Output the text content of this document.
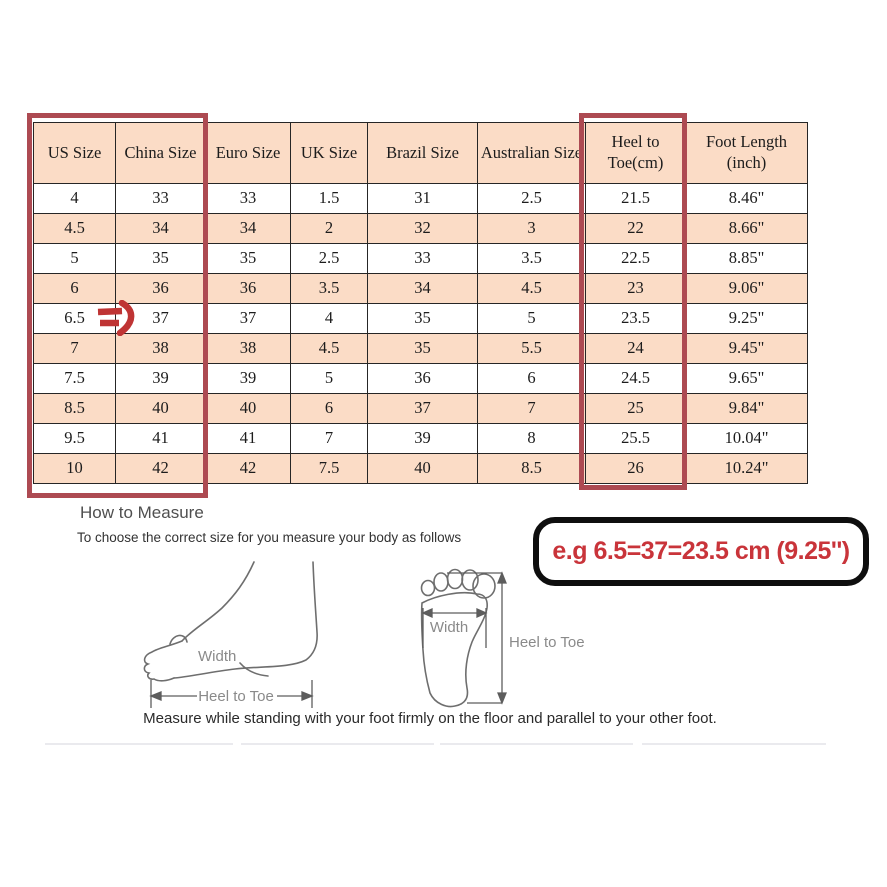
US Size	China Size	Euro Size	UK Size	Brazil Size	Australian Size	Heel to Toe(cm)	Foot Length (inch)
4	33	33	1.5	31	2.5	21.5	8.46"
4.5	34	34	2	32	3	22	8.66"
5	35	35	2.5	33	3.5	22.5	8.85"
6	36	36	3.5	34	4.5	23	9.06"
6.5	37	37	4	35	5	23.5	9.25"
7	38	38	4.5	35	5.5	24	9.45"
7.5	39	39	5	36	6	24.5	9.65"
8.5	40	40	6	37	7	25	9.84"
9.5	41	41	7	39	8	25.5	10.04"
10	42	42	7.5	40	8.5	26	10.24"
How to Measure
To choose the correct size for you measure your body as follows	e.g 6.5=37=23.5 cm (9.25'')
Width
Heel to Toe
Width
Heel to Toe
Measure while standing with your foot firmly on the floor and parallel to your other foot.
